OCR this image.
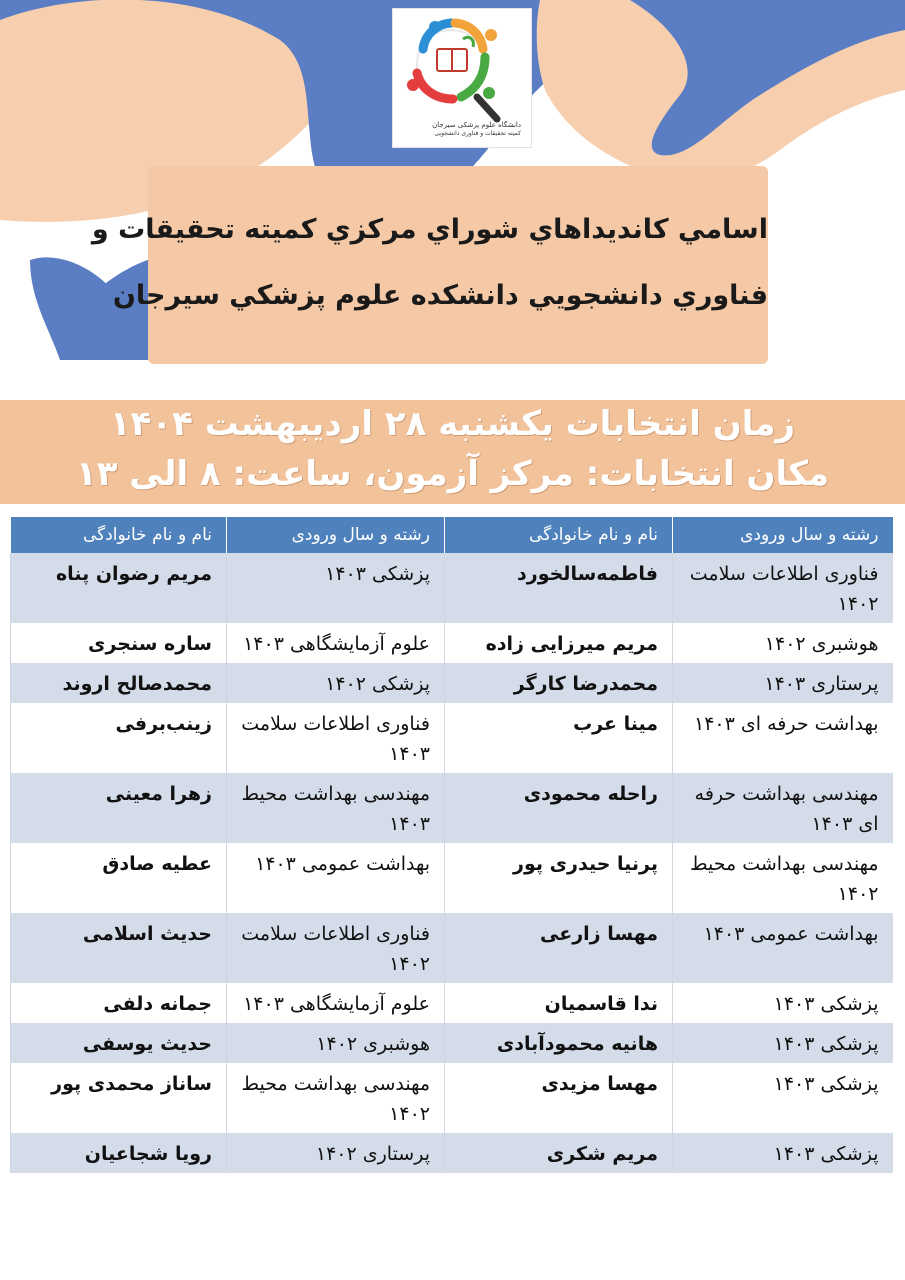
دانشگاه علوم پزشکی سیرجان
کمیته تحقیقات و فناوری دانشجویی
اسامي كانديداهاي شوراي مركزي كميته تحقيقات و
فناوري دانشجويي دانشكده علوم پزشكي سيرجان
زمان انتخابات یکشنبه ۲۸ اردیبهشت ۱۴۰۴
مکان انتخابات: مرکز آزمون، ساعت: ۸ الی ۱۳
رشته و سال ورودی	نام و نام خانوادگی	رشته و سال ورودی	نام و نام خانوادگی
فناوری اطلاعات سلامت ۱۴۰۲	فاطمه‌سالخورد	پزشکی ۱۴۰۳	مریم رضوان پناه
هوشبری ۱۴۰۲	مریم میرزایی زاده	علوم آزمایشگاهی ۱۴۰۳	ساره سنجری
پرستاری ۱۴۰۳	محمدرضا کارگر	پزشکی ۱۴۰۲	محمدصالح اروند
بهداشت حرفه ای ۱۴۰۳	مینا عرب	فناوری اطلاعات سلامت ۱۴۰۳	زینب‌برفی
مهندسی بهداشت حرفه ای ۱۴۰۳	راحله محمودی	مهندسی بهداشت محیط ۱۴۰۳	زهرا معینی
مهندسی بهداشت محیط ۱۴۰۲	پرنیا حیدری پور	بهداشت عمومی ۱۴۰۳	عطیه صادق
بهداشت عمومی ۱۴۰۳	مهسا زارعی	فناوری اطلاعات سلامت ۱۴۰۲	حدیث اسلامی
پزشکی ۱۴۰۳	ندا قاسمیان	علوم آزمایشگاهی ۱۴۰۳	جمانه دلفی
پزشکی ۱۴۰۳	هانیه محمودآبادی	هوشبری ۱۴۰۲	حدیث یوسفی
پزشکی ۱۴۰۳	مهسا مزیدی	مهندسی بهداشت محیط ۱۴۰۲	ساناز محمدی پور
پزشکی ۱۴۰۳	مریم شکری	پرستاری ۱۴۰۲	رویا شجاعیان
